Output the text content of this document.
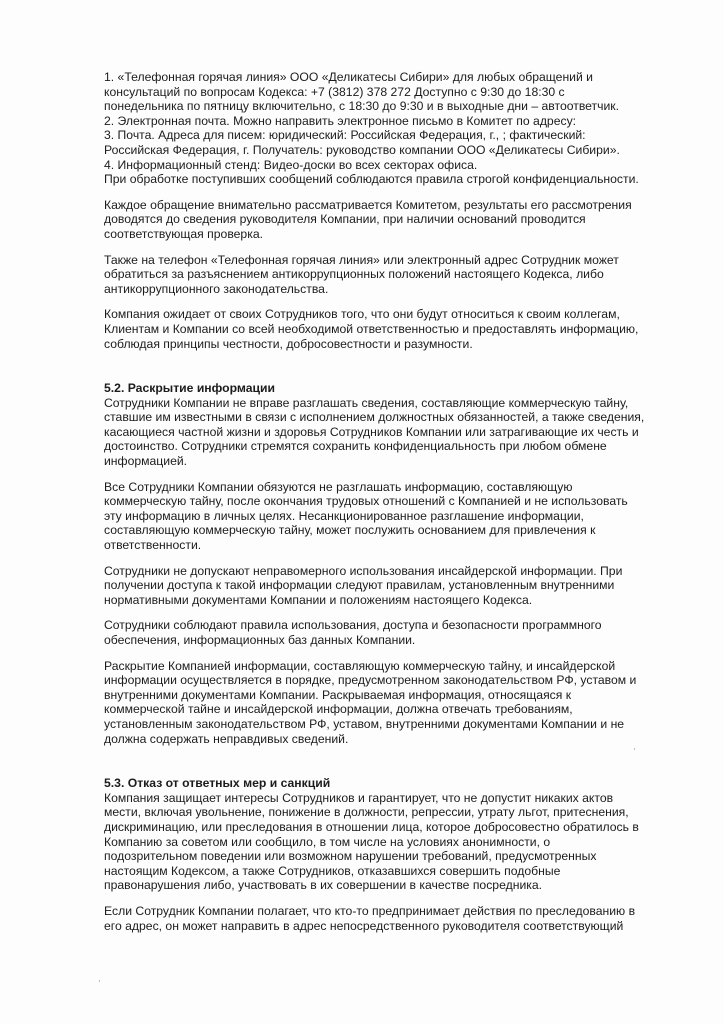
1. «Телефонная горячая линия» ООО «Деликатесы Сибири» для любых обращений и
консультаций по вопросам Кодекса: +7 (3812) 378 272 Доступно с 9:30 до 18:30 с
понедельника по пятницу включительно, с 18:30 до 9:30 и в выходные дни – автоответчик.
2. Электронная почта. Можно направить электронное письмо в Комитет по адресу:
3. Почта. Адреса для писем: юридический: Российская Федерация, г., ; фактический:
Российская Федерация, г. Получатель: руководство компании ООО «Деликатесы Сибири».
4. Информационный стенд: Видео-доски во всех секторах офиса.
При обработке поступивших сообщений соблюдаются правила строгой конфиденциальности.
Каждое обращение внимательно рассматривается Комитетом, результаты его рассмотрения
доводятся до сведения руководителя Компании, при наличии оснований проводится
соответствующая проверка.
Также на телефон «Телефонная горячая линия» или электронный адрес Сотрудник может
обратиться за разъяснением антикоррупционных положений настоящего Кодекса, либо
антикоррупционного законодательства.
Компания ожидает от своих Сотрудников того, что они будут относиться к своим коллегам,
Клиентам и Компании со всей необходимой ответственностью и предоставлять информацию,
соблюдая принципы честности, добросовестности и разумности.
5.2. Раскрытие информации
Сотрудники Компании не вправе разглашать сведения, составляющие коммерческую тайну,
ставшие им известными в связи с исполнением должностных обязанностей, а также сведения,
касающиеся частной жизни и здоровья Сотрудников Компании или затрагивающие их честь и
достоинство. Сотрудники стремятся сохранить конфиденциальность при любом обмене
информацией.
Все Сотрудники Компании обязуются не разглашать информацию, составляющую
коммерческую тайну, после окончания трудовых отношений с Компанией и не использовать
эту информацию в личных целях. Несанкционированное разглашение информации,
составляющую коммерческую тайну, может послужить основанием для привлечения к
ответственности.
Сотрудники не допускают неправомерного использования инсайдерской информации. При
получении доступа к такой информации следуют правилам, установленным внутренними
нормативными документами Компании и положениям настоящего Кодекса.
Сотрудники соблюдают правила использования, доступа и безопасности программного
обеспечения, информационных баз данных Компании.
Раскрытие Компанией информации, составляющую коммерческую тайну, и инсайдерской
информации осуществляется в порядке, предусмотренном законодательством РФ, уставом и
внутренними документами Компании. Раскрываемая информация, относящаяся к
коммерческой тайне и инсайдерской информации, должна отвечать требованиям,
установленным законодательством РФ, уставом, внутренними документами Компании и не
должна содержать неправдивых сведений.
5.3. Отказ от ответных мер и санкций
Компания защищает интересы Сотрудников и гарантирует, что не допустит никаких актов
мести, включая увольнение, понижение в должности, репрессии, утрату льгот, притеснения,
дискриминацию, или преследования в отношении лица, которое добросовестно обратилось в
Компанию за советом или сообщило, в том числе на условиях анонимности, о
подозрительном поведении или возможном нарушении требований, предусмотренных
настоящим Кодексом, а также Сотрудников, отказавшихся совершить подобные
правонарушения либо, участвовать в их совершении в качестве посредника.
Если Сотрудник Компании полагает, что кто-то предпринимает действия по преследованию в
его адрес, он может направить в адрес непосредственного руководителя соответствующий
